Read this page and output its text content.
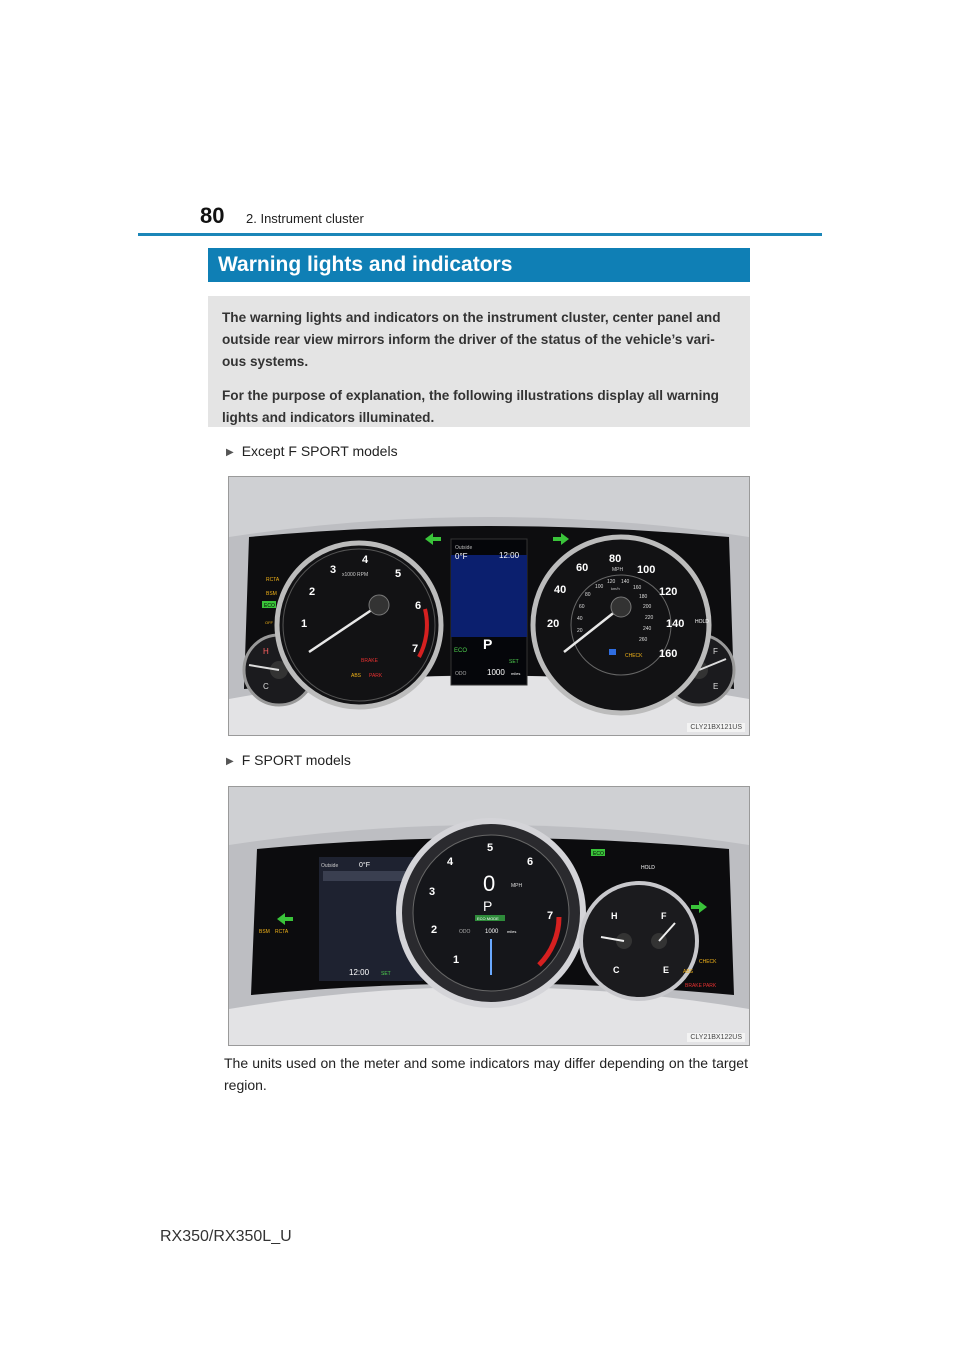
80 2. Instrument cluster
Warning lights and indicators

The warning lights and indicators on the instrument cluster, center panel and outside rear view mirrors inform the driver of the status of the vehicle’s vari-ous systems.

For the purpose of explanation, the following illustrations display all warning lights and indicators illuminated.

▶ Except F SPORT models
H
C
F
E
1
2
3
4
5
6
7
x1000 RPM
Outside
0°F	12:00
P
ECO
SET
ODO	1000 miles
20
40
60
80
100
120
140
160
MPH
20
40
60
80
100
120 140
160
180
200
220
240
260
km/h
RCTA
BSM
ECO
OFF
BRAKE
ABS PARK
HOLD
CHECK
CLY21BX121US
▶ F SPORT models
Outside	0°F
12:00 SET
BSM RCTA
1
2
3
4
5
6
7
0	MPH
P
ECO MODE
ODO 1000 miles
H
C
F
E
ECO
HOLD
CHECK
ABS
BRAKE PARK
CLY21BX122US
The units used on the meter and some indicators may differ depending on the target region.
RX350/RX350L_U
